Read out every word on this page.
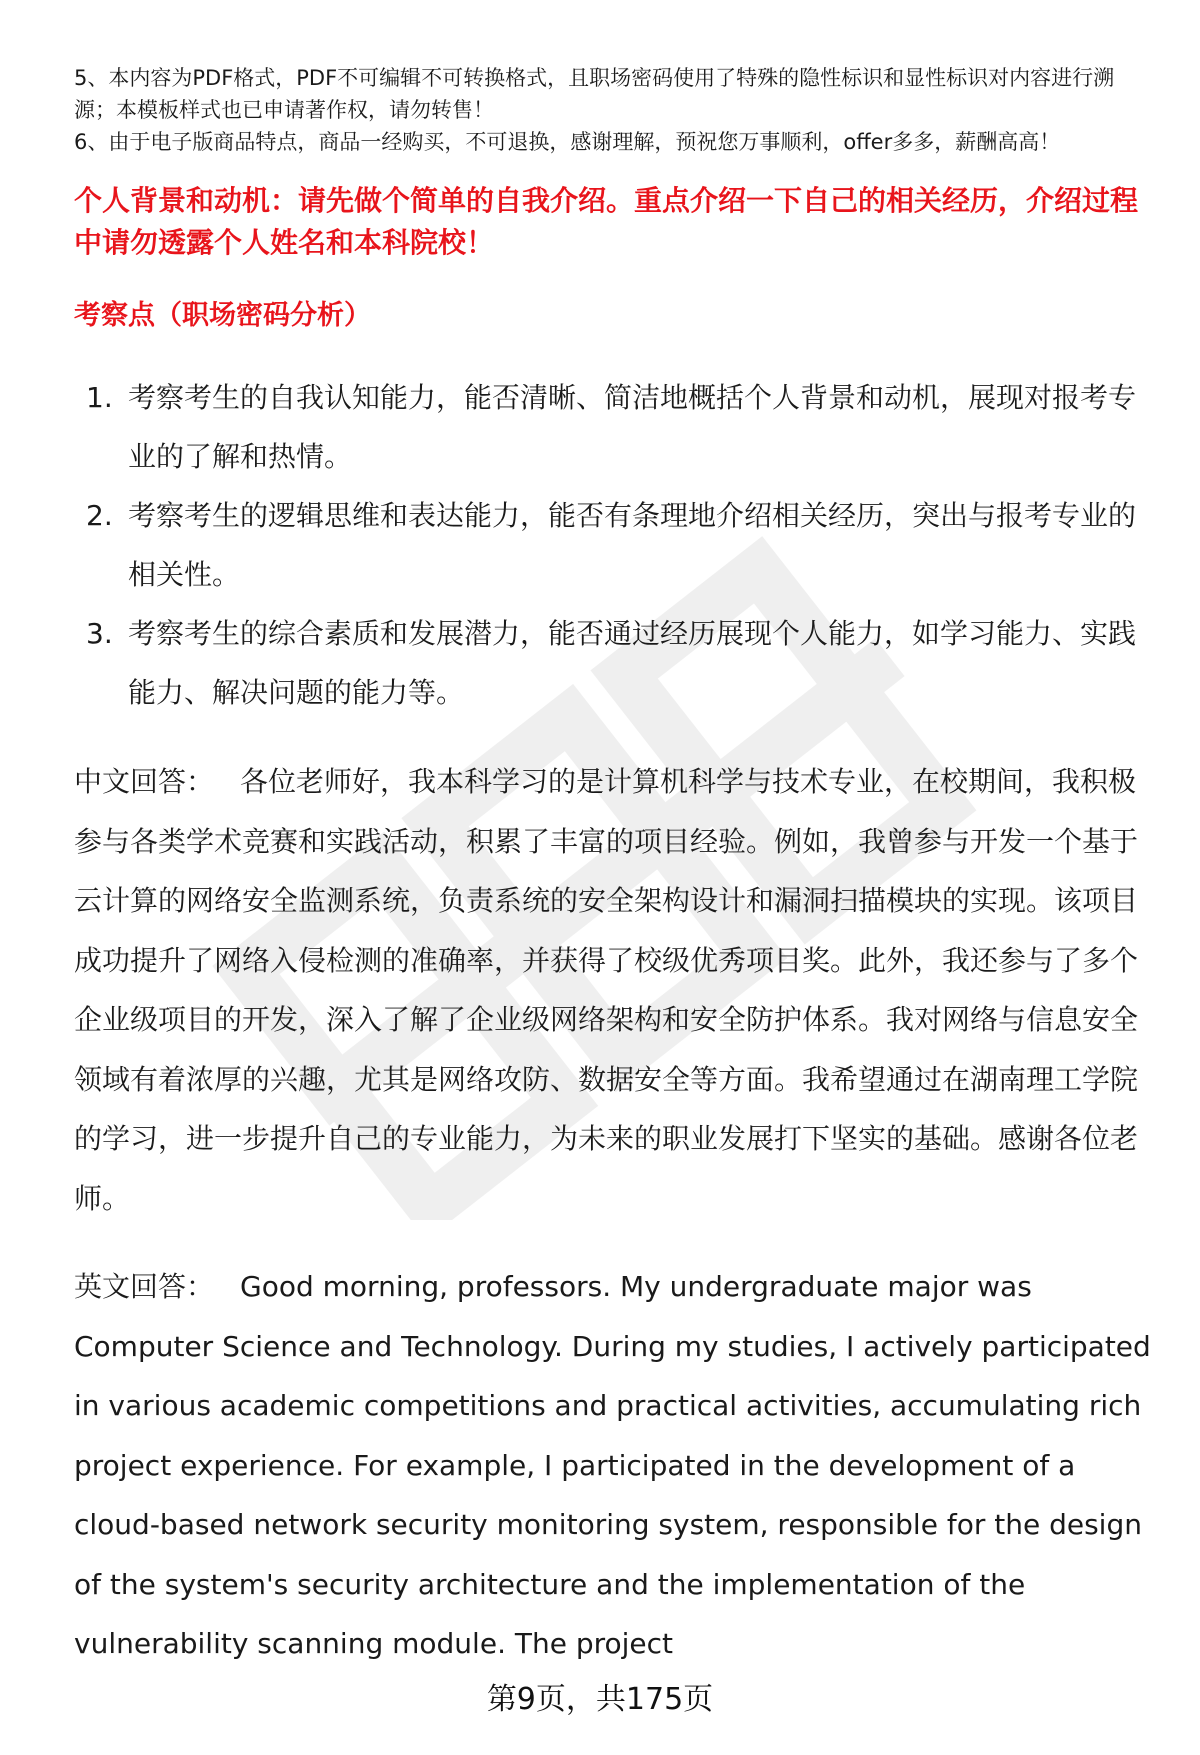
5、本内容为PDF格式，PDF不可编辑不可转换格式，且职场密码使用了特殊的隐性标识和显性标识对内容进行溯源；本模板样式也已申请著作权，请勿转售！

6、由于电子版商品特点，商品一经购买，不可退换，感谢理解，预祝您万事顺利，offer多多，薪酬高高！

个人背景和动机：请先做个简单的自我介绍。重点介绍一下自己的相关经历，介绍过程中请勿透露个人姓名和本科院校！
考察点（职场密码分析）
1. 考察考生的自我认知能力，能否清晰、简洁地概括个人背景和动机，展现对报考专业的了解和热情。
2. 考察考生的逻辑思维和表达能力，能否有条理地介绍相关经历，突出与报考专业的相关性。
3. 考察考生的综合素质和发展潜力，能否通过经历展现个人能力，如学习能力、实践能力、解决问题的能力等。

中文回答： 各位老师好，我本科学习的是计算机科学与技术专业，在校期间，我积极参与各类学术竞赛和实践活动，积累了丰富的项目经验。例如，我曾参与开发一个基于云计算的网络安全监测系统，负责系统的安全架构设计和漏洞扫描模块的实现。该项目成功提升了网络入侵检测的准确率，并获得了校级优秀项目奖。此外，我还参与了多个企业级项目的开发，深入了解了企业级网络架构和安全防护体系。我对网络与信息安全领域有着浓厚的兴趣，尤其是网络攻防、数据安全等方面。我希望通过在湖南理工学院的学习，进一步提升自己的专业能力，为未来的职业发展打下坚实的基础。感谢各位老师。

英文回答： Good morning, professors. My undergraduate major was Computer Science and Technology. During my studies, I actively participated in various academic competitions and practical activities, accumulating rich project experience. For example, I participated in the development of a cloud-based network security monitoring system, responsible for the design of the system's security architecture and the implementation of the vulnerability scanning module. The project

第9页，共175页
